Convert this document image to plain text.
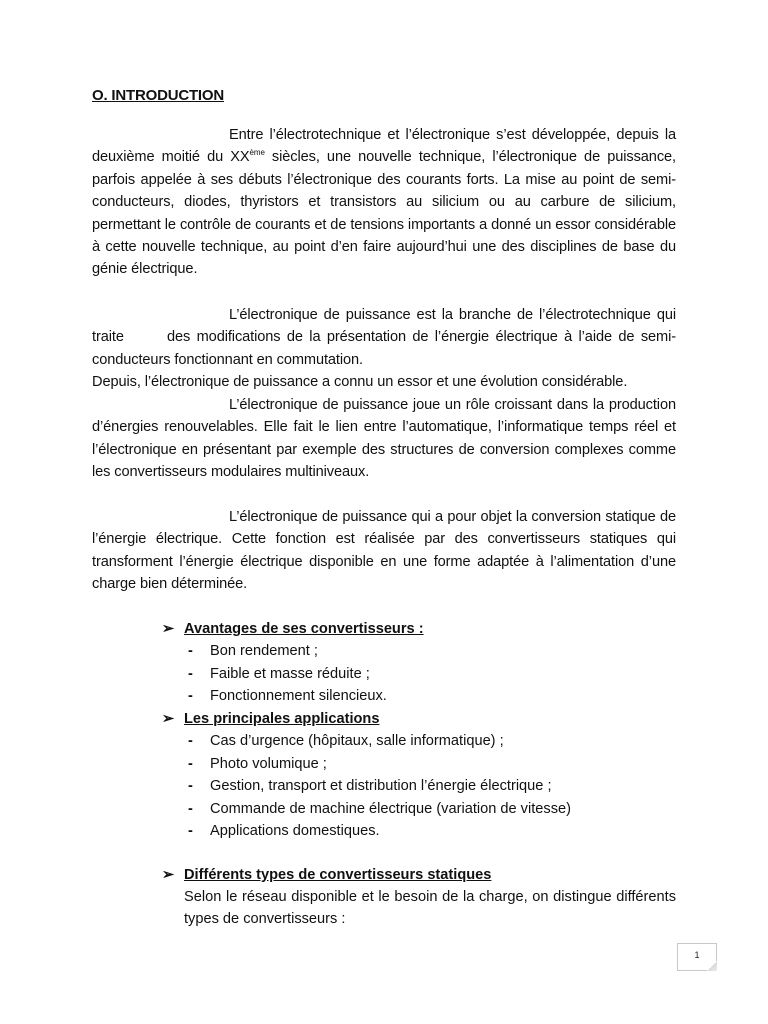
O. INTRODUCTION
Entre l’électrotechnique et l’électronique s’est développée, depuis la deuxième moitié du XXème siècles, une nouvelle technique, l’électronique de puissance, parfois appelée à ses débuts l’électronique des courants forts. La mise au point de semi-conducteurs, diodes, thyristors et transistors au silicium ou au carbure de silicium, permettant le contrôle de courants et de tensions importants a donné un essor considérable à cette nouvelle technique, au point d’en faire aujourd’hui une des disciplines de base du génie électrique.
L’électronique de puissance est la branche de l’électrotechnique qui traite	des modifications de la présentation de l’énergie électrique à l’aide de semi-conducteurs fonctionnant en commutation.
Depuis, l’électronique de puissance a connu un essor et une évolution considérable.
L’électronique de puissance joue un rôle croissant dans la production d’énergies renouvelables. Elle fait le lien entre l’automatique, l’informatique temps réel et l’électronique en présentant par exemple des structures de conversion complexes comme les convertisseurs modulaires multiniveaux.
L’électronique de puissance qui a pour objet la conversion statique de l’énergie électrique. Cette fonction est réalisée par des convertisseurs statiques qui transforment l’énergie électrique disponible en une forme adaptée à l’alimentation d’une charge bien déterminée.
➢ Avantages de ses convertisseurs :
- Bon rendement ;
- Faible et masse réduite ;
- Fonctionnement silencieux.
➢ Les principales applications
- Cas d’urgence (hôpitaux, salle informatique) ;
- Photo volumique ;
- Gestion, transport et distribution l’énergie électrique ;
- Commande de machine électrique (variation de vitesse)
- Applications domestiques.
➢ Différents types de convertisseurs statiques
Selon le réseau disponible et le besoin de la charge, on distingue différents types de convertisseurs :
1
